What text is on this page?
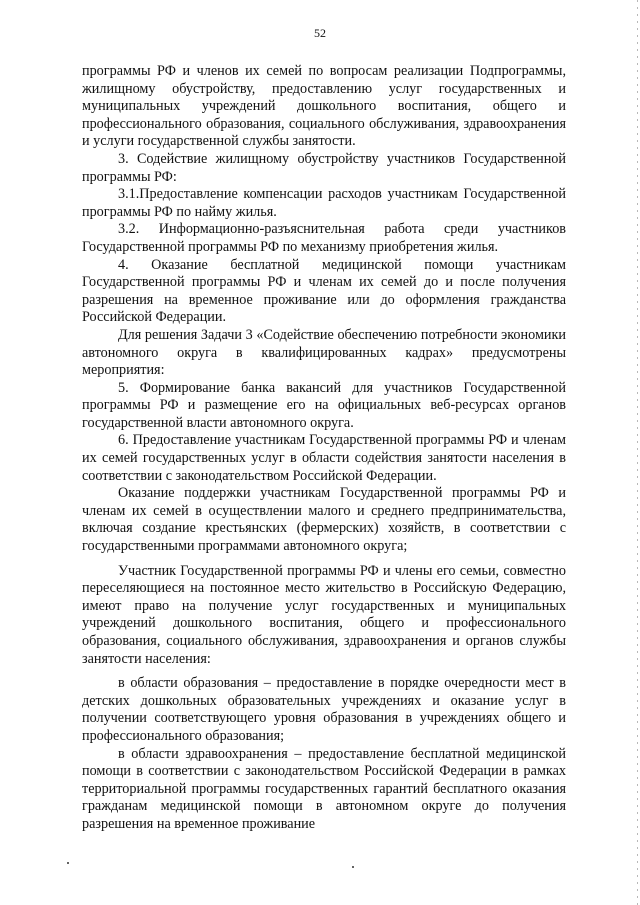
52

программы РФ и членов их семей по вопросам реализации Подпрограммы, жилищному обустройству, предоставлению услуг государственных и муниципальных учреждений дошкольного воспитания, общего и профессионального образования, социального обслуживания, здравоохранения и услуги государственной службы занятости.

3. Содействие жилищному обустройству участников Государственной программы РФ:

3.1.Предоставление компенсации расходов участникам Государственной программы РФ по найму жилья.

3.2. Информационно-разъяснительная работа среди участников Государственной программы РФ по механизму приобретения жилья.

4. Оказание бесплатной медицинской помощи участникам Государственной программы РФ и членам их семей до и после получения разрешения на временное проживание или до оформления гражданства Российской Федерации.

Для решения Задачи 3 «Содействие обеспечению потребности экономики автономного округа в квалифицированных кадрах» предусмотрены мероприятия:

5. Формирование банка вакансий для участников Государственной программы РФ и размещение его на официальных веб-ресурсах органов государственной власти автономного округа.

6. Предоставление участникам Государственной программы РФ и членам их семей государственных услуг в области содействия занятости населения в соответствии с законодательством Российской Федерации.

Оказание поддержки участникам Государственной программы РФ и членам их семей в осуществлении малого и среднего предпринимательства, включая создание крестьянских (фермерских) хозяйств, в соответствии с государственными программами автономного округа;

Участник Государственной программы РФ и члены его семьи, совместно переселяющиеся на постоянное место жительство в Российскую Федерацию, имеют право на получение услуг государственных и муниципальных учреждений дошкольного воспитания, общего и профессионального образования, социального обслуживания, здравоохранения и органов службы занятости населения:

в области образования – предоставление в порядке очередности мест в детских дошкольных образовательных учреждениях и оказание услуг в получении соответствующего уровня образования в учреждениях общего и профессионального образования;

в области здравоохранения – предоставление бесплатной медицинской помощи в соответствии с законодательством Российской Федерации в рамках территориальной программы государственных гарантий бесплатного оказания гражданам медицинской помощи в автономном округе до получения разрешения на временное проживание
